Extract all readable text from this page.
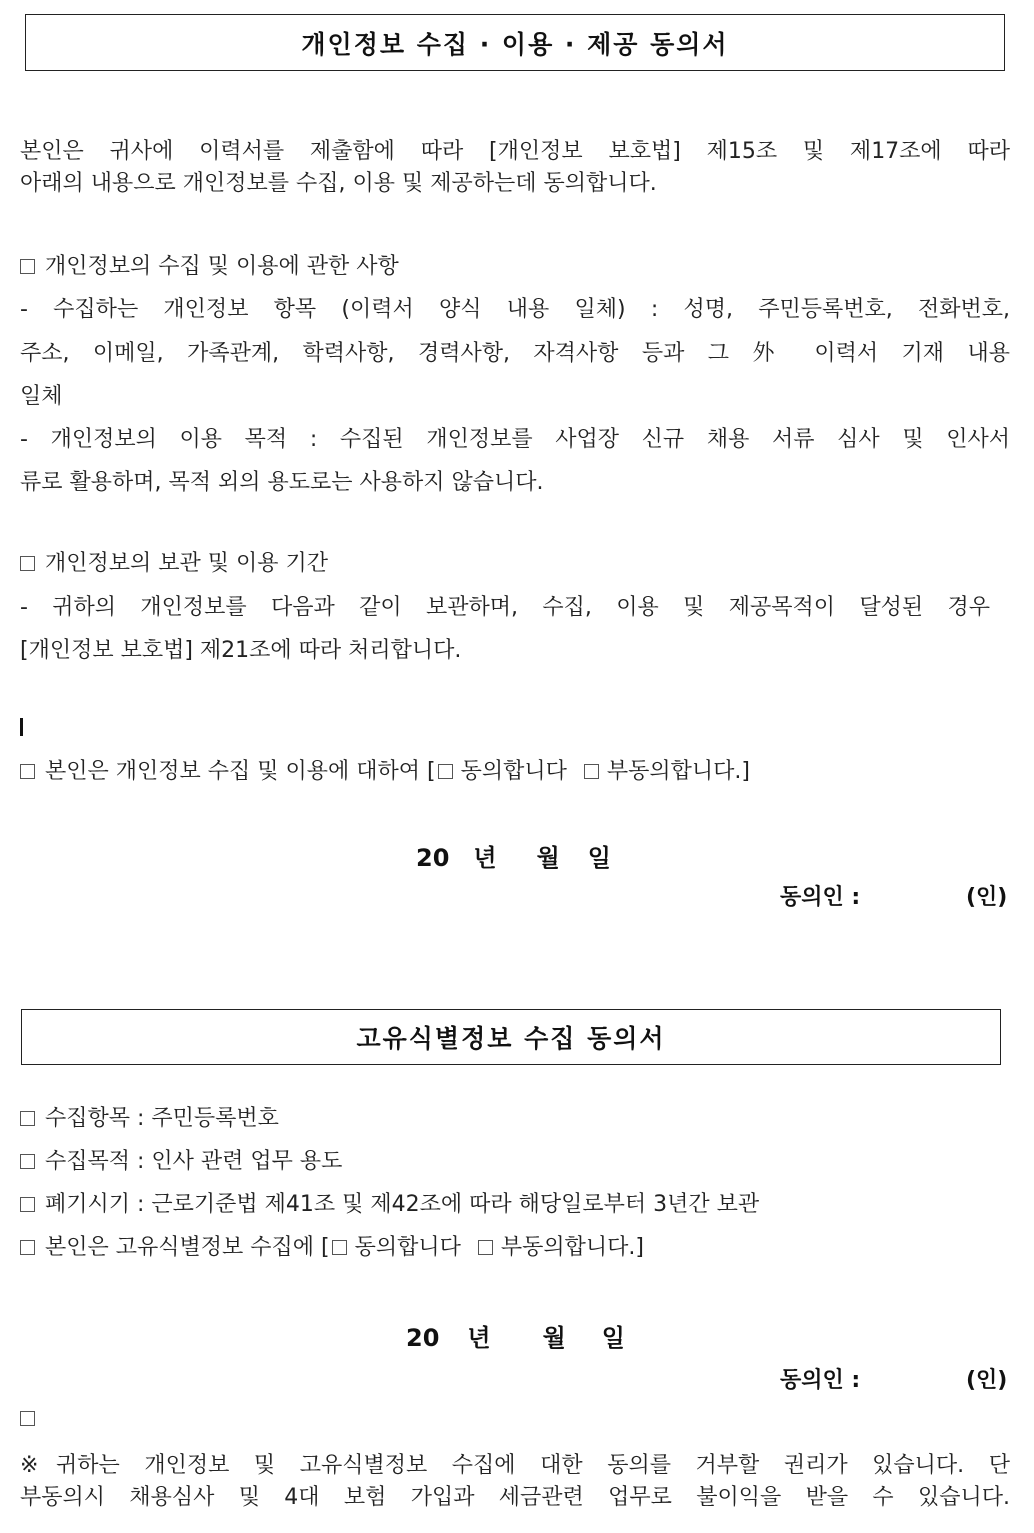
개인정보 수집 · 이용 · 제공 동의서
본인은 귀사에 이력서를 제출함에 따라 [개인정보 보호법] 제15조 및 제17조에 따라
아래의 내용으로 개인정보를 수집, 이용 및 제공하는데 동의합니다.
개인정보의 수집 및 이용에 관한 사항
- 수집하는 개인정보 항목 (이력서 양식 내용 일체) : 성명, 주민등록번호, 전화번호,
주소, 이메일, 가족관계, 학력사항, 경력사항, 자격사항 등과 그 外 이력서 기재 내용
일체
- 개인정보의 이용 목적 : 수집된 개인정보를 사업장 신규 채용 서류 심사 및 인사서
류로 활용하며, 목적 외의 용도로는 사용하지 않습니다.
개인정보의 보관 및 이용 기간
- 귀하의 개인정보를 다음과 같이 보관하며, 수집, 이용 및 제공목적이 달성된 경우
[개인정보 보호법] 제21조에 따라 처리합니다.
본인은 개인정보 수집 및 이용에 대하여 [ 동의합니다 부동의합니다.]
20 년 월 일
동의인 :	(인)
고유식별정보 수집 동의서
수집항목 : 주민등록번호
수집목적 : 인사 관련 업무 용도
폐기시기 : 근로기준법 제41조 및 제42조에 따라 해당일로부터 3년간 보관
본인은 고유식별정보 수집에 [ 동의합니다 부동의합니다.]
20 년 월 일
동의인 :	(인)
※귀하는 개인정보 및 고유식별정보 수집에 대한 동의를 거부할 권리가 있습니다. 단
부동의시 채용심사 및 4대 보험 가입과 세금관련 업무로 불이익을 받을 수 있습니다.
